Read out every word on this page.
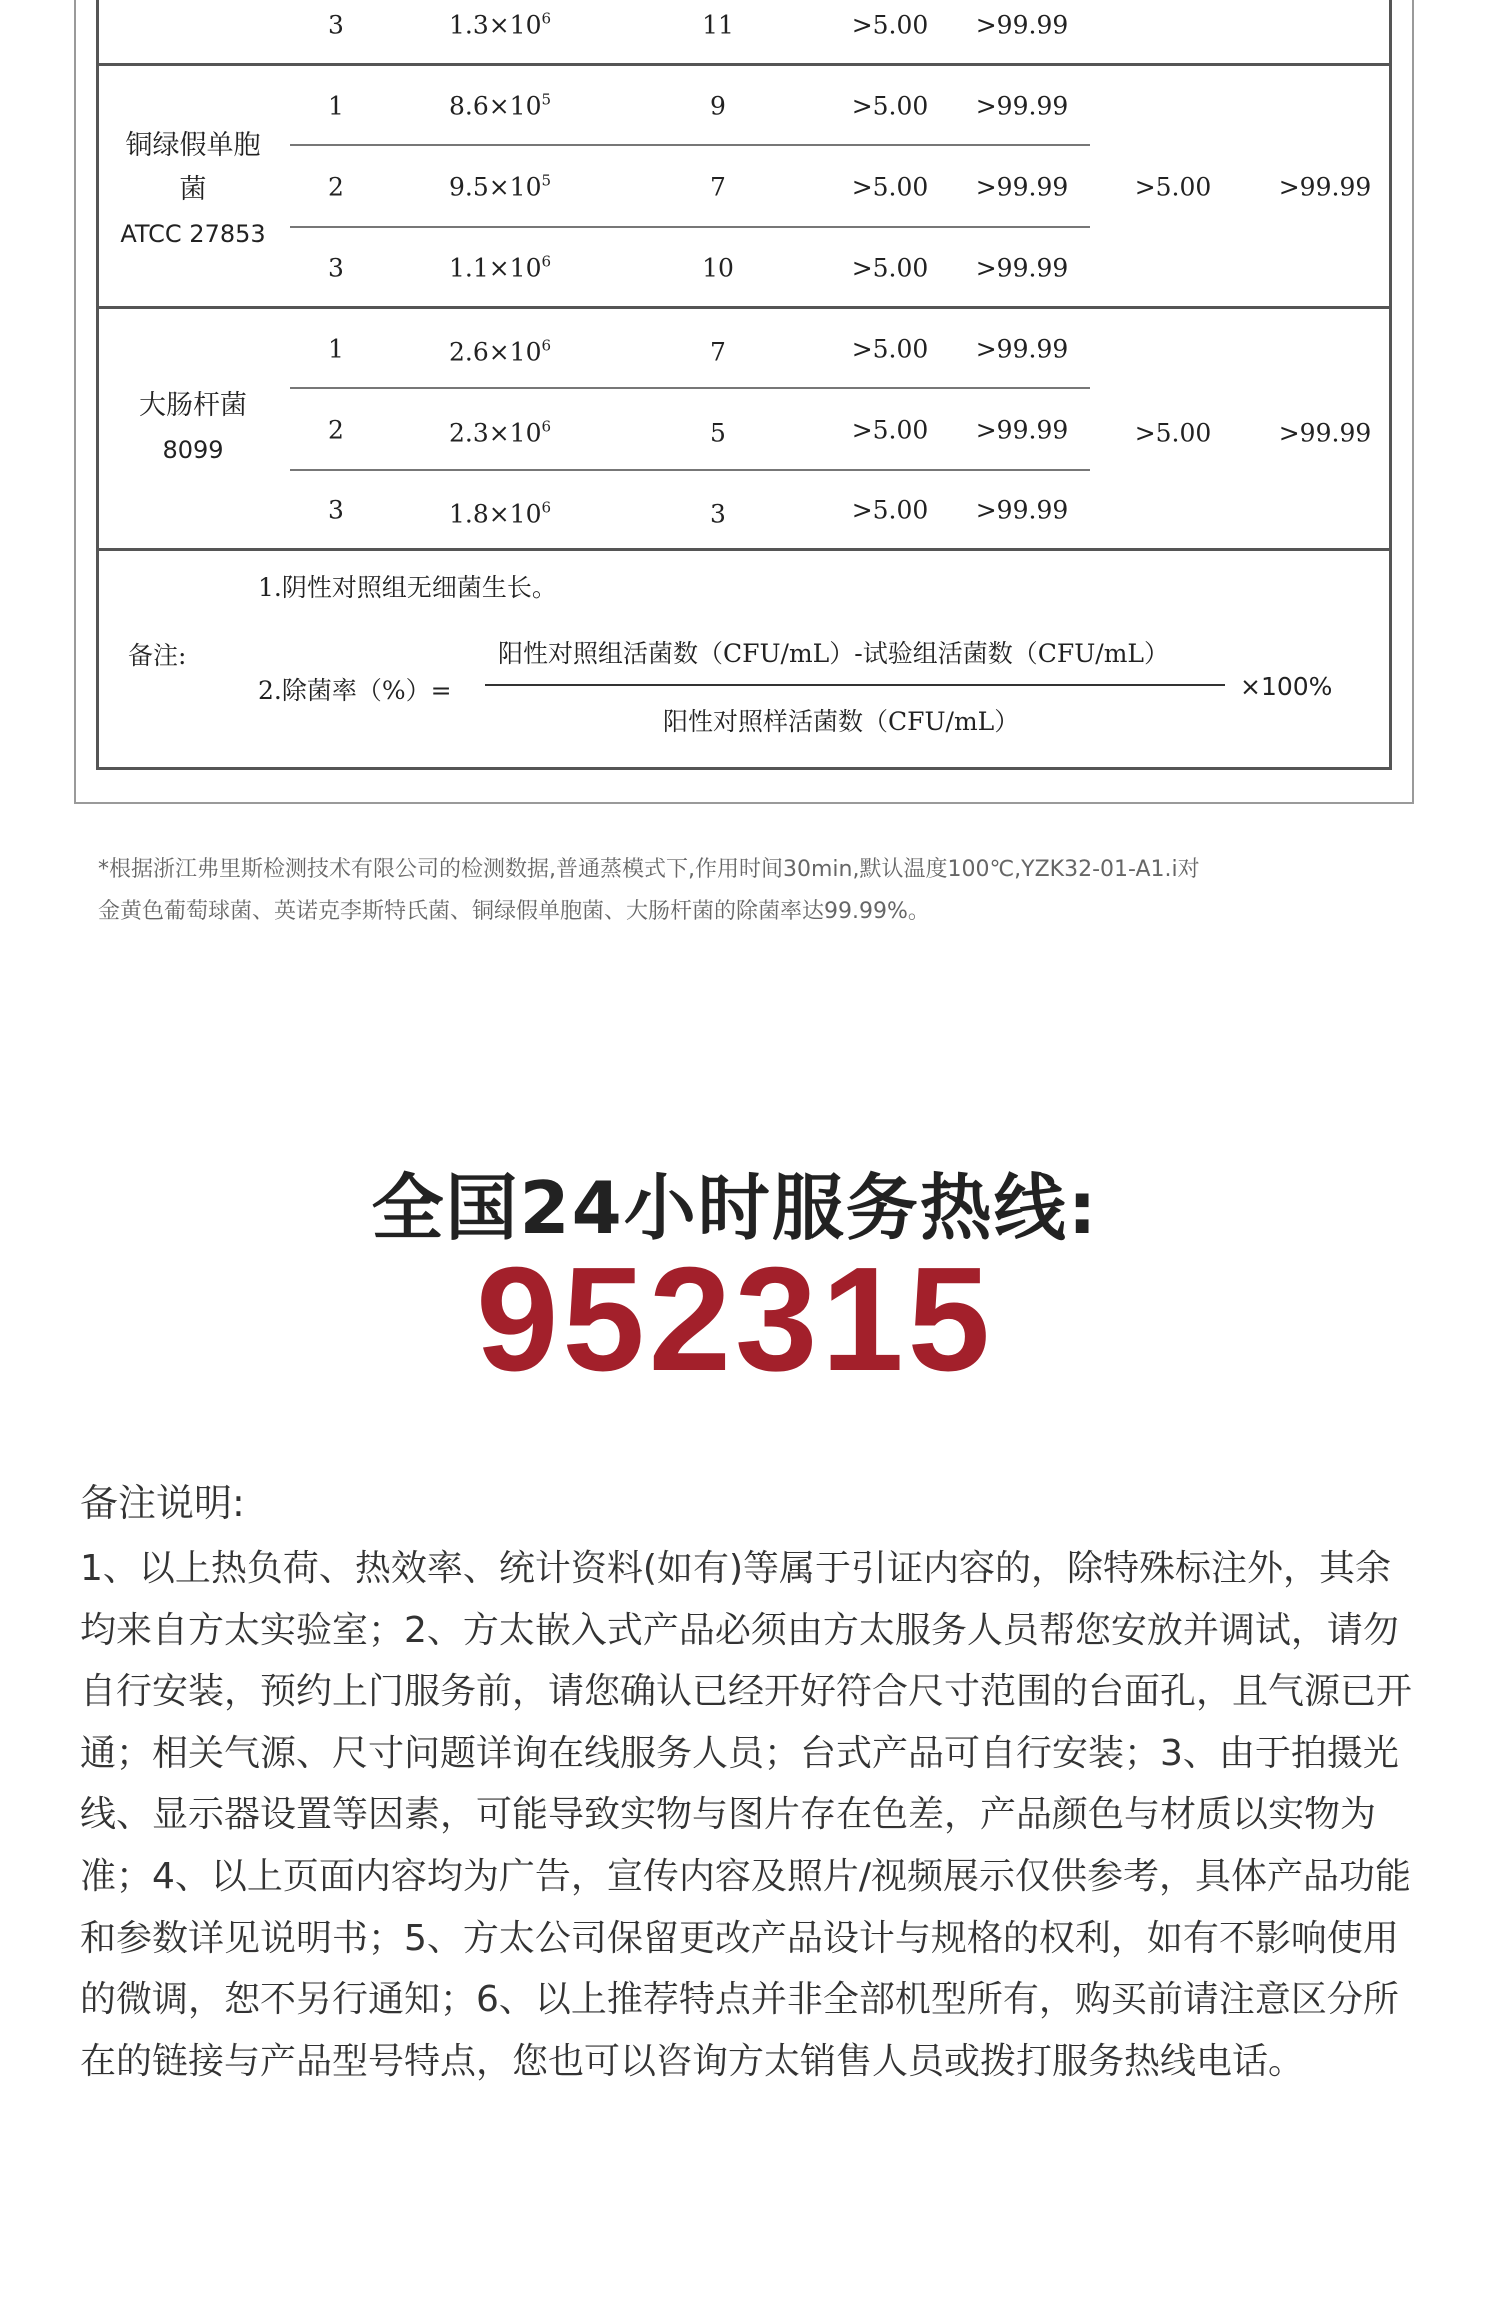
3	$1.3\times 10^6$	11	>5.00 >99.99
铜绿假单胞
菌
ATCC 27853
1	$8.6\times 10^5$	9	>5.00 >99.99
2	$9.5\times 10^5$	7	>5.00 >99.99
3	$1.1\times 10^6$	10	>5.00 >99.99
>5.00	>99.99
大肠杆菌
8099
1	$2.6\times 10^6$	7	>5.00 >99.99
2	$2.3\times 10^6$	5	>5.00 >99.99
3	$1.8\times 10^6$	3	>5.00 >99.99
>5.00	>99.99
备注:
1.阴性对照组无细菌生长。
2.除菌率（%）=
阳性对照组活菌数（CFU/mL）-试验组活菌数（CFU/mL）
阳性对照样活菌数（CFU/mL）
×100%
*根据浙江弗里斯检测技术有限公司的检测数据,普通蒸模式下,作用时间30min,默认温度100℃,YZK32-01-A1.i对
金黄色葡萄球菌、英诺克李斯特氏菌、铜绿假单胞菌、大肠杆菌的除菌率达99.99%。
全国24小时服务热线:
952315
备注说明:

1、以上热负荷、热效率、统计资料(如有)等属于引证内容的，除特殊标注外，其余均来自方太实验室；2、方太嵌入式产品必须由方太服务人员帮您安放并调试，请勿自行安装，预约上门服务前，请您确认已经开好符合尺寸范围的台面孔，且气源已开通；相关气源、尺寸问题详询在线服务人员；台式产品可自行安装；3、由于拍摄光线、显示器设置等因素，可能导致实物与图片存在色差，产品颜色与材质以实物为准；4、以上页面内容均为广告，宣传内容及照片/视频展示仅供参考，具体产品功能和参数详见说明书；5、方太公司保留更改产品设计与规格的权利，如有不影响使用的微调，恕不另行通知；6、以上推荐特点并非全部机型所有，购买前请注意区分所在的链接与产品型号特点，您也可以咨询方太销售人员或拨打服务热线电话。
